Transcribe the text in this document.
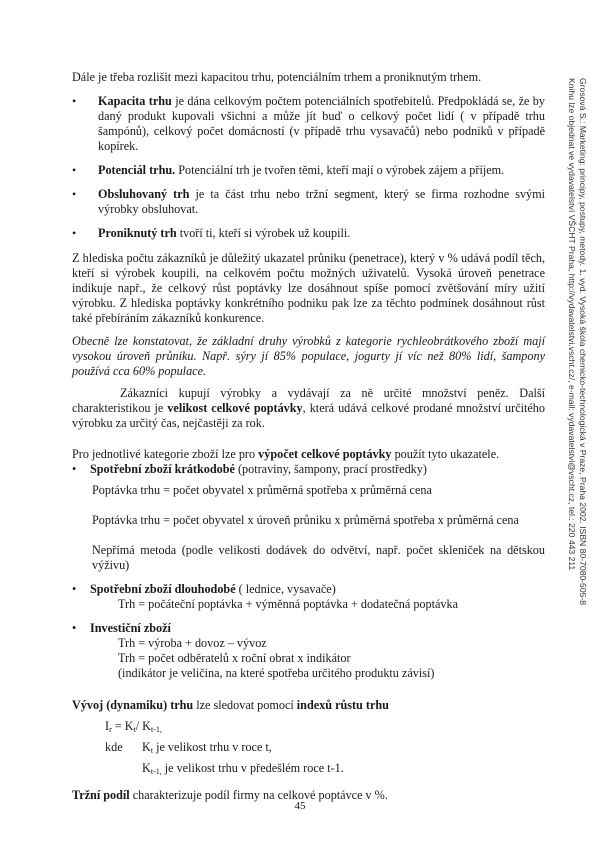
Dále je třeba rozlišit mezi kapacitou trhu, potenciálním trhem a proniknutým trhem.

•	Kapacita trhu je dána celkovým počtem potenciálních spotřebitelů. Předpokládá se, že by daný produkt kupovali všichni a může jít buď o celkový počet lidí ( v případě trhu šampónů), celkový počet domácností (v případě trhu vysavačů) nebo podniků v případě kopírek.
•	Potenciál trhu. Potenciální trh je tvořen těmi, kteří mají o výrobek zájem a příjem.
•	Obsluhovaný trh je ta část trhu nebo tržní segment, který se firma rozhodne svými výrobky obsluhovat.
•	Proniknutý trh tvoří ti, kteří si výrobek už koupili.

Z hlediska počtu zákazníků je důležitý ukazatel průniku (penetrace), který v % udává podíl těch, kteří si výrobek koupili, na celkovém počtu možných uživatelů. Vysoká úroveň penetrace indikuje např., že celkový růst poptávky lze dosáhnout spíše pomocí zvětšování míry užití výrobku. Z hlediska poptávky konkrétního podniku pak lze za těchto podmínek dosáhnout růst také přebíráním zákazníků konkurence.

Obecně lze konstatovat, že základní druhy výrobků z kategorie rychleobrátkového zboží mají vysokou úroveň průniku. Např. sýry jí 85% populace, jogurty jí víc než 80% lidí, šampony používá cca 60% populace.

Zákazníci kupují výrobky a vydávají za ně určité množství peněz. Další charakteristikou je velikost celkové poptávky, která udává celkové prodané množství určitého výrobku za určitý čas, nejčastěji za rok.

Pro jednotlivé kategorie zboží lze pro výpočet celkové poptávky použít tyto ukazatele.

•	Spotřební zboží krátkodobé (potraviny, šampony, prací prostředky)

Poptávka trhu = počet obyvatel x průměrná spotřeba x průměrná cena

Poptávka trhu = počet obyvatel x úroveň průniku x průměrná spotřeba x průměrná cena

Nepřímá metoda (podle velikosti dodávek do odvětví, např. počet skleniček na dětskou výživu)

•	Spotřební zboží dlouhodobé ( lednice, vysavače)

Trh = počáteční poptávka + výměnná poptávka + dodatečná poptávka

•	Investiční zboží

Trh = výroba + dovoz – vývoz

Trh = počet odběratelů x roční obrat x indikátor

(indikátor je veličina, na které spotřeba určitého produktu závisí)

Vývoj (dynamiku) trhu lze sledovat pomocí indexů růstu trhu

$I_r = K_t/$ $K_{t-1,}$

kde	$K_t$ je velikost trhu v roce t,

$K_{t-1,}$ je velikost trhu v předešlém roce t-1.

Tržní podíl charakterizuje podíl firmy na celkové poptávce v %.

45
Grosová S.: Marketing: principy, postupy, metody. 1. vyd. Vysoká škola chemicko-technologická v Praze, Praha 2002. ISBN 80-7080-505-8
Knihu lze objednat ve vydavatelství VŠCHT Praha, http://vydavatelstvi.vscht.cz/, e-mail: vydavatelstvi@vscht.cz, tel.: 220 443 211
